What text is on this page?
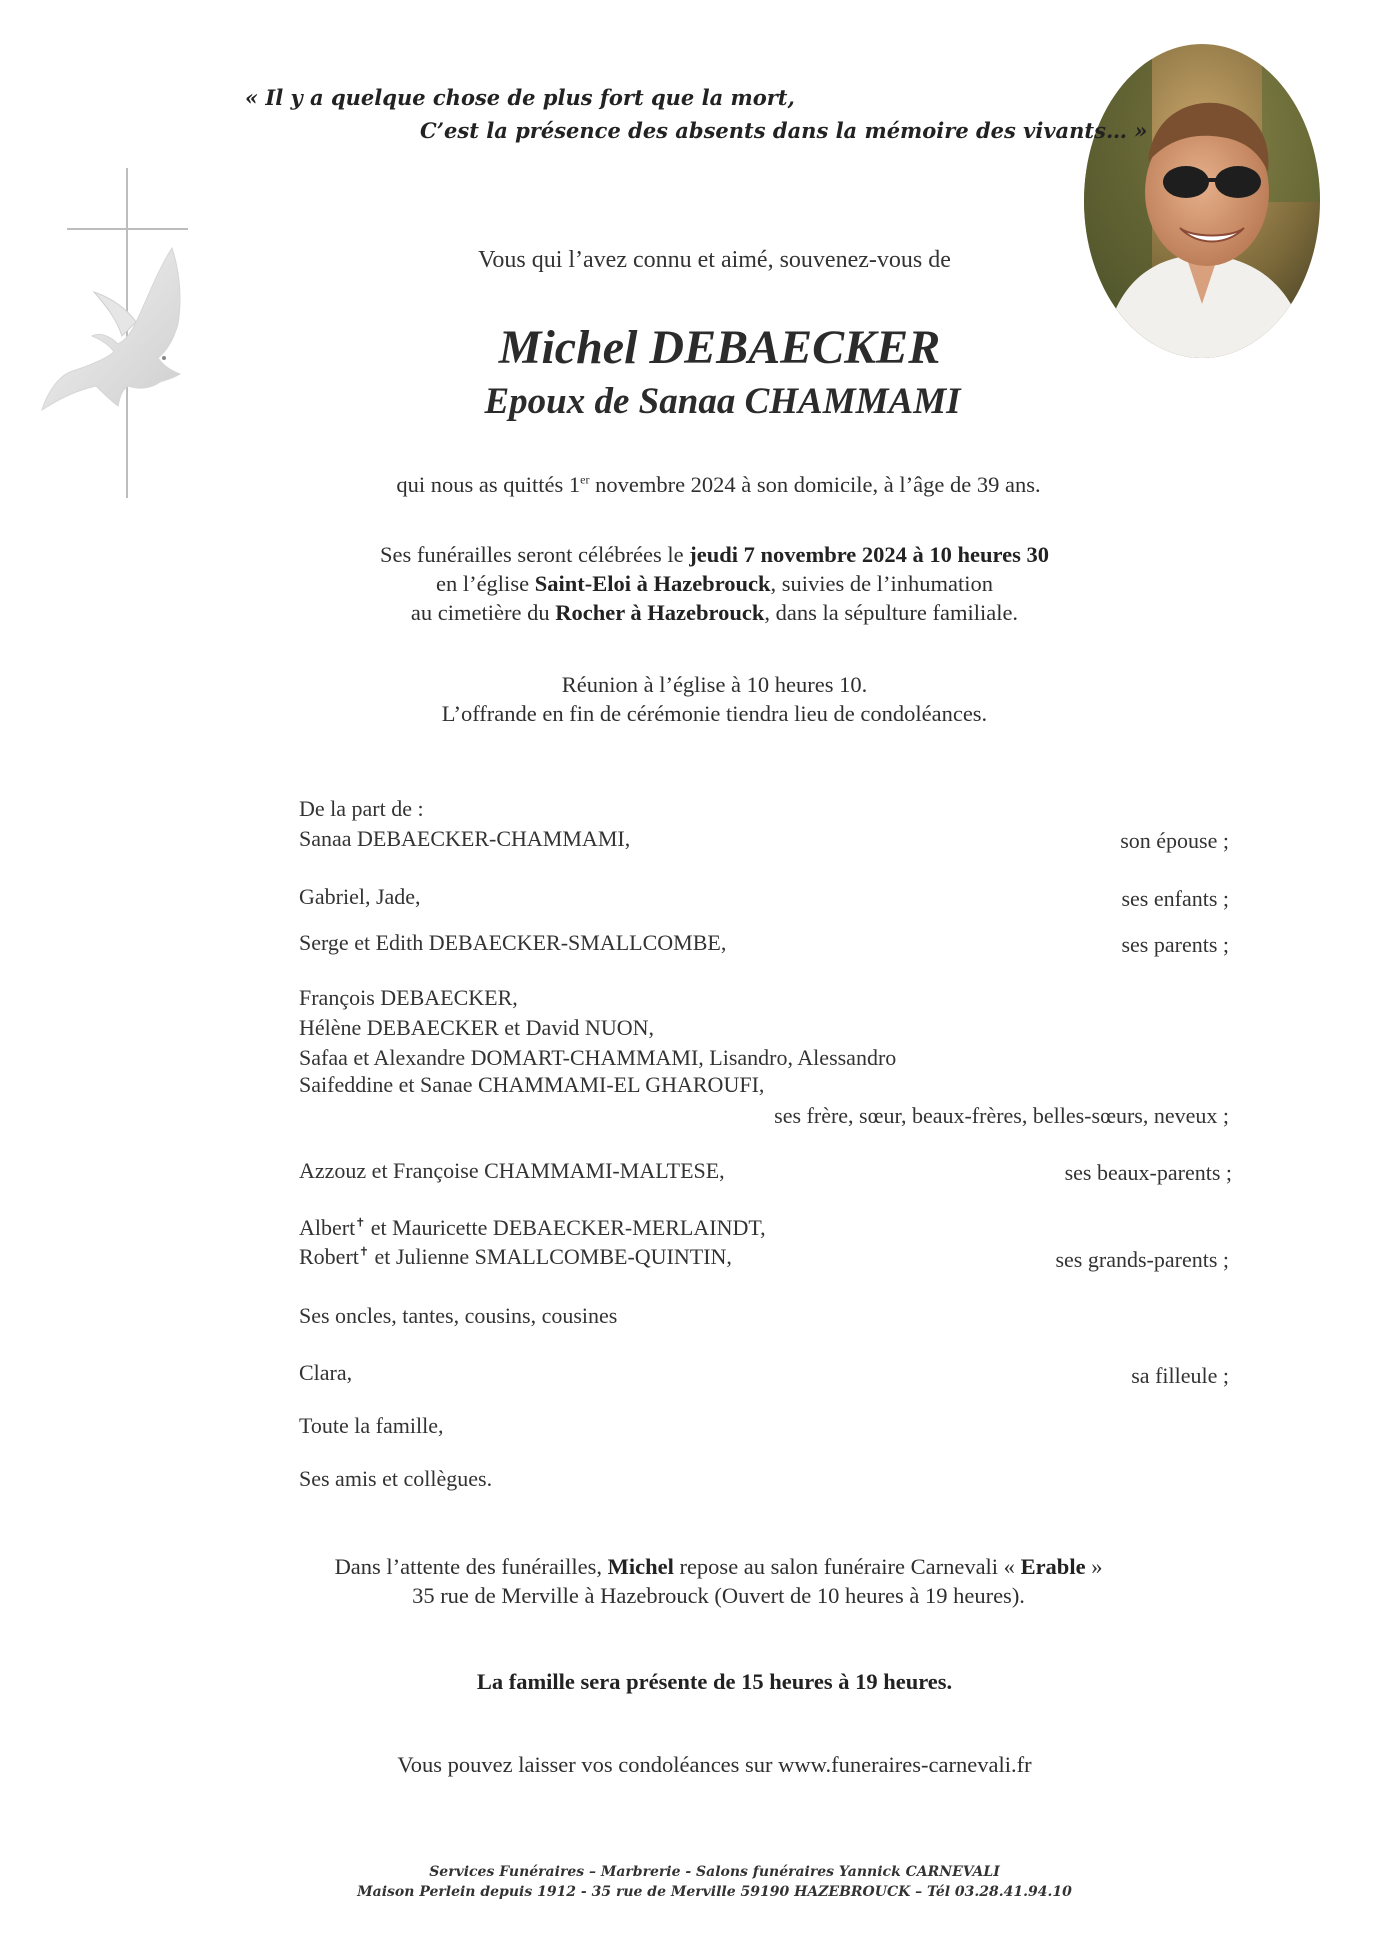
« Il y a quelque chose de plus fort que la mort,
C’est la présence des absents dans la mémoire des vivants… »
Vous qui l’avez connu et aimé, souvenez-vous de
Michel DEBAECKER
Epoux de Sanaa CHAMMAMI
qui nous as quittés 1er novembre 2024 à son domicile, à l’âge de 39 ans.
Ses funérailles seront célébrées le jeudi 7 novembre 2024 à 10 heures 30
en l’église Saint-Eloi à Hazebrouck, suivies de l’inhumation
au cimetière du Rocher à Hazebrouck, dans la sépulture familiale.
Réunion à l’église à 10 heures 10.
L’offrande en fin de cérémonie tiendra lieu de condoléances.
De la part de :
Sanaa DEBAECKER-CHAMMAMI,	son épouse ;
Gabriel, Jade,	ses enfants ;
Serge et Edith DEBAECKER-SMALLCOMBE,	ses parents ;
François DEBAECKER,
Hélène DEBAECKER et David NUON,
Safaa et Alexandre DOMART-CHAMMAMI, Lisandro, Alessandro
Saifeddine et Sanae CHAMMAMI-EL GHAROUFI,
ses frère, sœur, beaux-frères, belles-sœurs, neveux ;
Azzouz et Françoise CHAMMAMI-MALTESE,	ses beaux-parents ;
Albert✝ et Mauricette DEBAECKER-MERLAINDT,
Robert✝ et Julienne SMALLCOMBE-QUINTIN,	ses grands-parents ;
Ses oncles, tantes, cousins, cousines
Clara,	sa filleule ;
Toute la famille,
Ses amis et collègues.
Dans l’attente des funérailles, Michel repose au salon funéraire Carnevali « Erable »
35 rue de Merville à Hazebrouck (Ouvert de 10 heures à 19 heures).
La famille sera présente de 15 heures à 19 heures.
Vous pouvez laisser vos condoléances sur www.funeraires-carnevali.fr
Services Funéraires – Marbrerie - Salons funéraires Yannick CARNEVALI
Maison Perlein depuis 1912 - 35 rue de Merville 59190 HAZEBROUCK – Tél 03.28.41.94.10
